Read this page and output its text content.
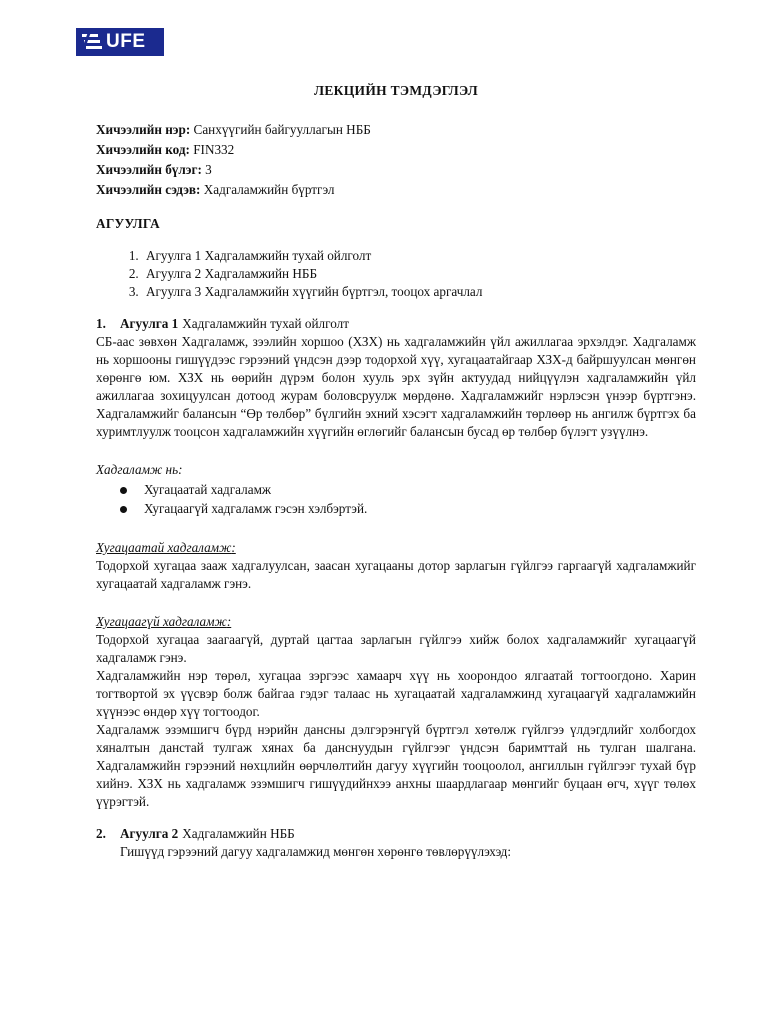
UFE
ЛЕКЦИЙН ТЭМДЭГЛЭЛ
Хичээлийн нэр: Санхүүгийн байгууллагын НББ
Хичээлийн код: FIN332
Хичээлийн бүлэг: 3
Хичээлийн сэдэв: Хадгаламжийн бүртгэл
АГУУЛГА
1. Агуулга 1 Хадгаламжийн тухай ойлголт
2. Агуулга 2 Хадгаламжийн НББ
3. Агуулга 3 Хадгаламжийн хүүгийн бүртгэл, тооцох аргачлал
1.	Агуулга 1 Хадгаламжийн тухай ойлголт

СБ-аас зөвхөн Хадгаламж, зээлийн хоршоо (ХЗХ) нь хадгаламжийн үйл ажиллагаа эрхэлдэг. Хадгаламж нь хоршооны гишүүдээс гэрээний үндсэн дээр тодорхой хүү, хугацаатайгаар ХЗХ-д байршуулсан мөнгөн хөрөнгө юм. ХЗХ нь өөрийн дүрэм болон хууль эрх зүйн актуудад нийцүүлэн хадгаламжийн үйл ажиллагаа зохицуулсан дотоод журам боловсруулж мөрдөнө. Хадгаламжийг нэрлэсэн үнээр бүртгэнэ. Хадгаламжийг балансын “Өр төлбөр” бүлгийн эхний хэсэгт хадгаламжийн төрлөөр нь ангилж бүртгэх ба хуримтлуулж тооцсон хадгаламжийн хүүгийн өглөгийг балансын бусад өр төлбөр бүлэгт узүүлнэ.

Хадгаламж нь:
Хугацаатай хадгаламж
Хугацаагүй хадгаламж гэсэн хэлбэртэй.
Хугацаатай хадгаламж:

Тодорхой хугацаа зааж хадгалуулсан, заасан хугацааны дотор зарлагын гүйлгээ гаргаагүй хадгаламжийг хугацаатай хадгаламж гэнэ.

Хугацаагүй хадгаламж:

Тодорхой хугацаа заагаагүй, дуртай цагтаа зарлагын гүйлгээ хийж болох хадгаламжийг хугацаагүй хадгаламж гэнэ.

Хадгаламжийн нэр төрөл, хугацаа зэргээс хамаарч хүү нь хоорондоо ялгаатай тогтоогдоно. Харин тогтвортой эх үүсвэр болж байгаа гэдэг талаас нь хугацаатай хадгаламжинд хугацаагүй хадгаламжийн хүүнээс өндөр хүү тогтоодог.

Хадгаламж эзэмшигч бүрд нэрийн дансны дэлгэрэнгүй бүртгэл хөтөлж гүйлгээ үлдэгдлийг холбогдох хяналтын данстай тулгаж хянах ба данснуудын гүйлгээг үндсэн баримттай нь тулган шалгана. Хадгаламжийн гэрээний нөхцлийн өөрчлөлтийн дагуу хүүгийн тооцоолол, ангиллын гүйлгээг тухай бүр хийнэ. ХЗХ нь хадгаламж эзэмшигч гишүүдийнхээ анхны шаардлагаар мөнгийг буцаан өгч, хүүг төлөх үүрэгтэй.

2.	Агуулга 2 Хадгаламжийн НББ
Гишүүд гэрээний дагуу хадгаламжид мөнгөн хөрөнгө төвлөрүүлэхэд:
